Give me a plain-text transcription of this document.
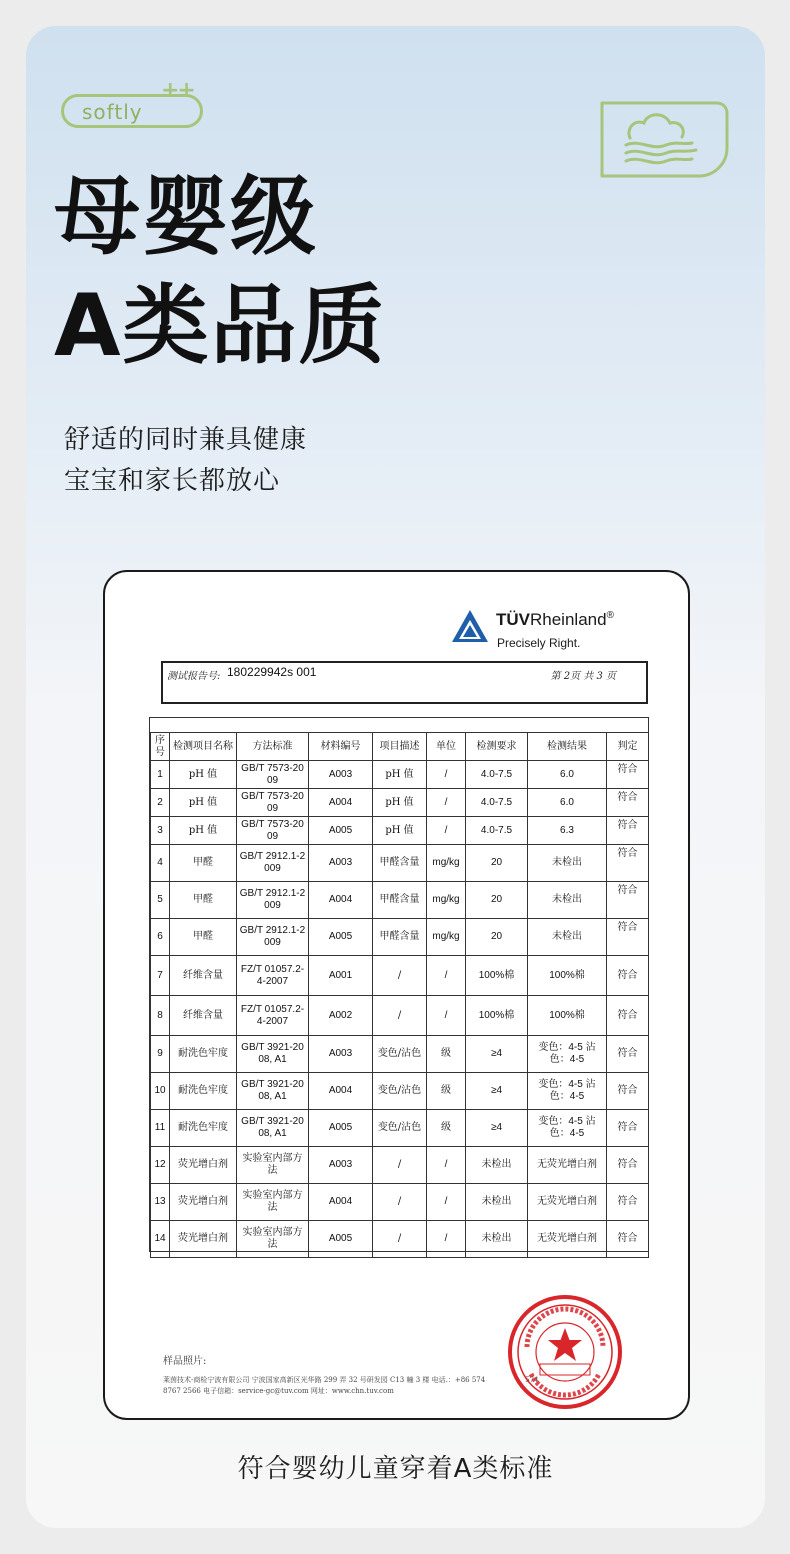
softly
++
母婴级
A类品质
舒适的同时兼具健康
宝宝和家长都放心
TÜVRheinland®
Precisely Right.
测试报告号: 180229942s 001	第 2页 共 3 页
序号	检测项目名称	方法标准	材料编号	项目描述	单位	检测要求	检测结果	判定
1	pH 值	GB/T 7573-2009	A003	pH 值	/	4.0-7.5	6.0	符合
2	pH 值	GB/T 7573-2009	A004	pH 值	/	4.0-7.5	6.0	符合
3	pH 值	GB/T 7573-2009	A005	pH 值	/	4.0-7.5	6.3	符合
4	甲醛	GB/T 2912.1-2009	A003	甲醛含量	mg/kg	20	未检出	符合
5	甲醛	GB/T 2912.1-2009	A004	甲醛含量	mg/kg	20	未检出	符合
6	甲醛	GB/T 2912.1-2009	A005	甲醛含量	mg/kg	20	未检出	符合
7	纤维含量	FZ/T 01057.2-4-2007	A001	/	/	100%棉	100%棉	符合
8	纤维含量	FZ/T 01057.2-4-2007	A002	/	/	100%棉	100%棉	符合
9	耐洗色牢度	GB/T 3921-2008, A1	A003	变色/沾色	级	≥4	变色：4-5 沾色：4-5	符合
10	耐洗色牢度	GB/T 3921-2008, A1	A004	变色/沾色	级	≥4	变色：4-5 沾色：4-5	符合
11	耐洗色牢度	GB/T 3921-2008, A1	A005	变色/沾色	级	≥4	变色：4-5 沾色：4-5	符合
12	荧光增白剂	实验室内部方法	A003	/	/	未检出	无荧光增白剂	符合
13	荧光增白剂	实验室内部方法	A004	/	/	未检出	无荧光增白剂	符合
14	荧光增白剂	实验室内部方法	A005	/	/	未检出	无荧光增白剂	符合
样品照片:
莱茵技术-商检宁波有限公司 宁波国家高新区光华路 299 弄 32 号研发园 C13 幢 3 楼 电话.：+86 574	574
8767 2566 电子信箱：service-gc@tuv.com 网址：www.chn.tuv.com
符合婴幼儿童穿着A类标准
